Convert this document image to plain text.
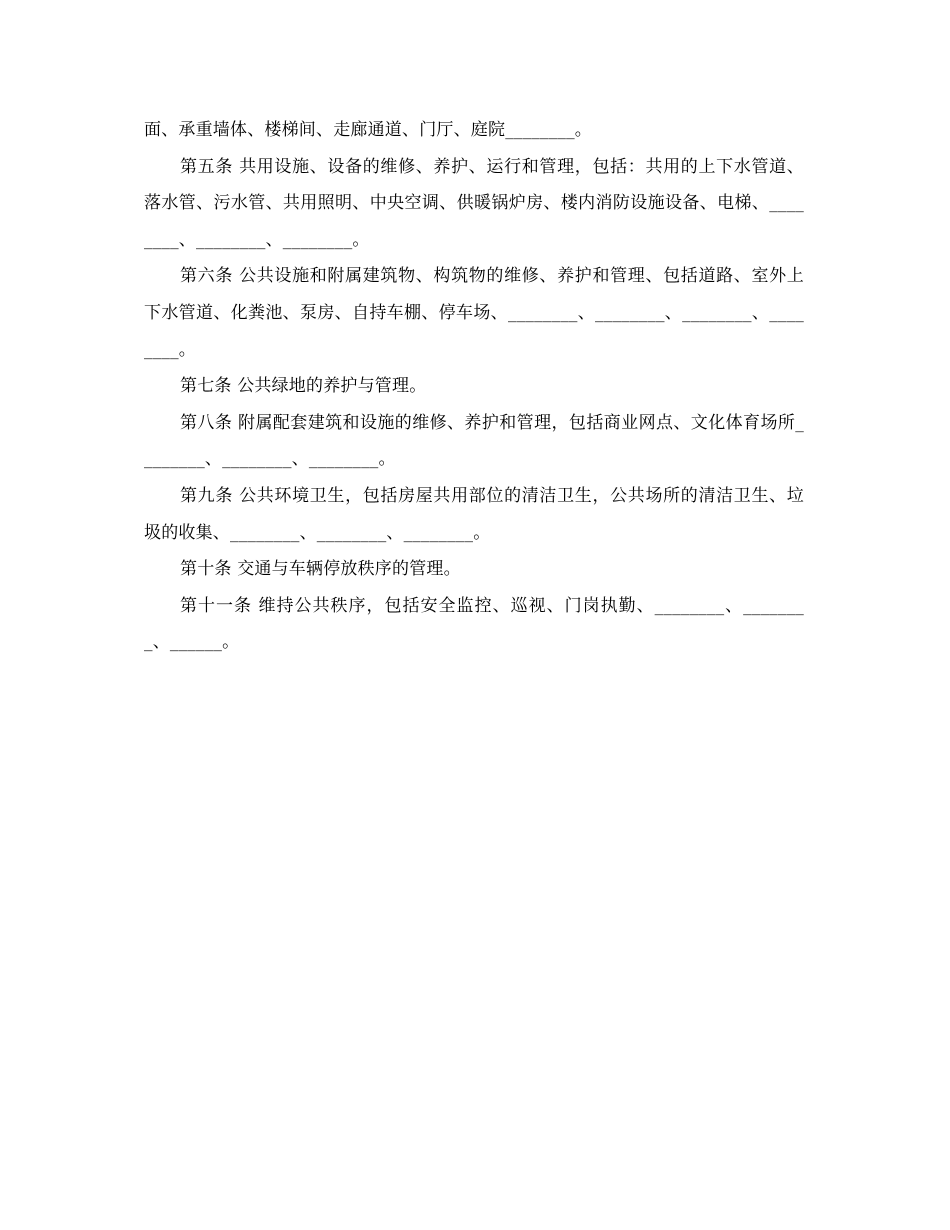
面、承重墙体、楼梯间、走廊通道、门厅、庭院________。

第五条 共用设施、设备的维修、养护、运行和管理，包括：共用的上下水管道、落水管、污水管、共用照明、中央空调、供暖锅炉房、楼内消防设施设备、电梯、________、________、________。

第六条 公共设施和附属建筑物、构筑物的维修、养护和管理、包括道路、室外上下水管道、化粪池、泵房、自持车棚、停车场、________、________、________、________。

第七条 公共绿地的养护与管理。

第八条 附属配套建筑和设施的维修、养护和管理，包括商业网点、文化体育场所________、________、________。

第九条 公共环境卫生，包括房屋共用部位的清洁卫生，公共场所的清洁卫生、垃圾的收集、________、________、________。

第十条 交通与车辆停放秩序的管理。

第十一条 维持公共秩序，包括安全监控、巡视、门岗执勤、________、________、______。
